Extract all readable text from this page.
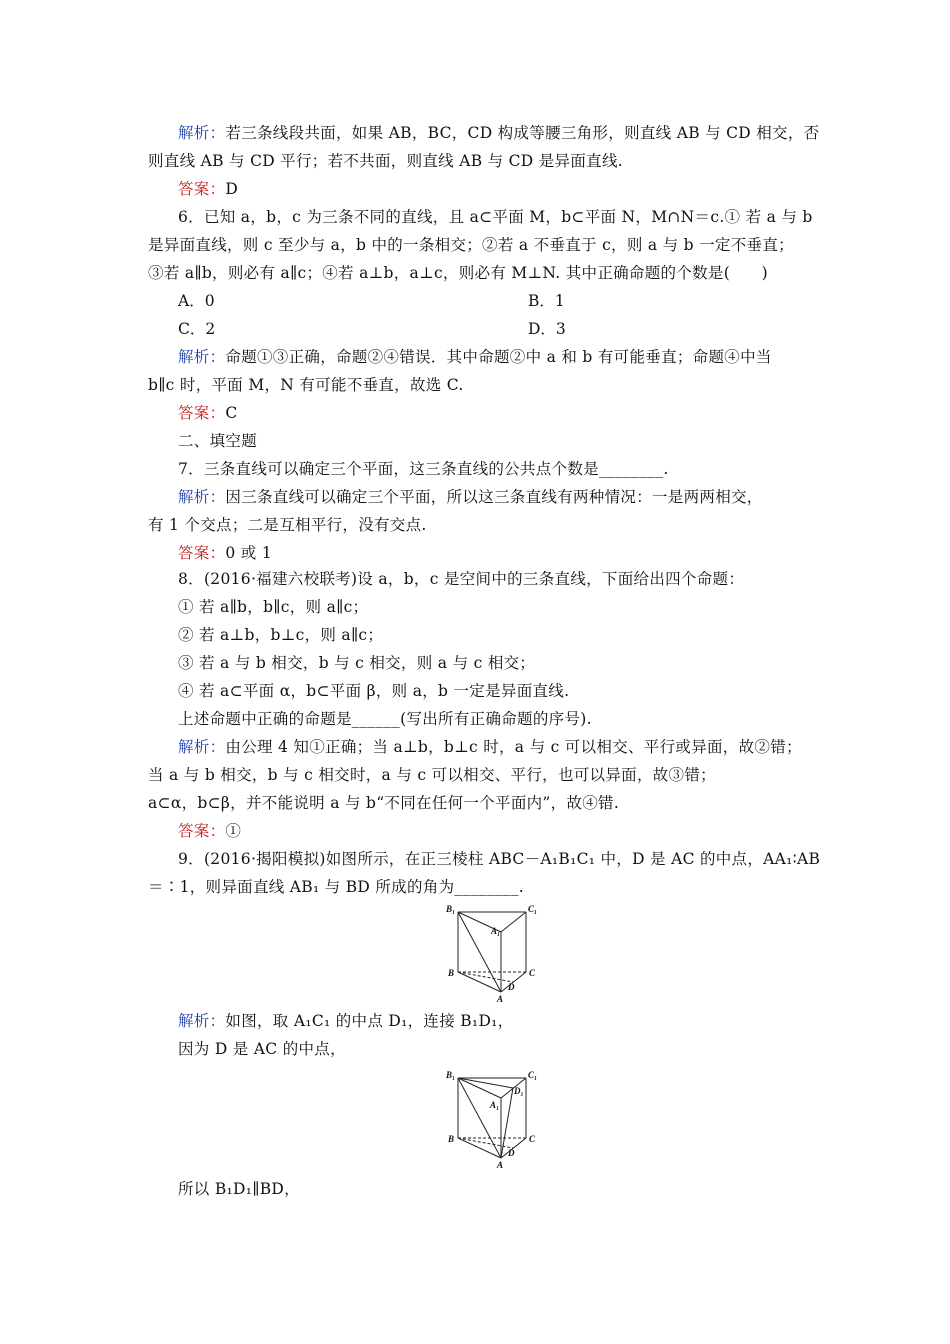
解析：若三条线段共面，如果 AB，BC，CD 构成等腰三角形，则直线 AB 与 CD 相交，否
则直线 AB 与 CD 平行；若不共面，则直线 AB 与 CD 是异面直线.
答案：D
6．已知 a，b，c 为三条不同的直线，且 a⊂平面 M，b⊂平面 N，M∩N＝c.① 若 a 与 b
是异面直线，则 c 至少与 a，b 中的一条相交；②若 a 不垂直于 c，则 a 与 b 一定不垂直；
③若 a∥b，则必有 a∥c；④若 a⊥b，a⊥c，则必有 M⊥N. 其中正确命题的个数是(　　)
A．0	B．1
C．2	D．3
解析：命题①③正确，命题②④错误．其中命题②中 a 和 b 有可能垂直；命题④中当
b∥c 时，平面 M，N 有可能不垂直，故选 C.
答案：C
二、填空题
7．三条直线可以确定三个平面，这三条直线的公共点个数是________.
解析：因三条直线可以确定三个平面，所以这三条直线有两种情况：一是两两相交，
有 1 个交点；二是互相平行，没有交点.
答案：0 或 1
8．(2016·福建六校联考)设 a，b，c 是空间中的三条直线，下面给出四个命题：
① 若 a∥b，b∥c，则 a∥c；
② 若 a⊥b，b⊥c，则 a∥c；
③ 若 a 与 b 相交，b 与 c 相交，则 a 与 c 相交；
④ 若 a⊂平面 α，b⊂平面 β，则 a，b 一定是异面直线.
上述命题中正确的命题是______(写出所有正确命题的序号).
解析：由公理 4 知①正确；当 a⊥b，b⊥c 时，a 与 c 可以相交、平行或异面，故②错；
当 a 与 b 相交，b 与 c 相交时，a 与 c 可以相交、平行，也可以异面，故③错；
a⊂α，b⊂β，并不能说明 a 与 b“不同在任何一个平面内”，故④错.
答案：①
9．(2016·揭阳模拟)如图所示，在正三棱柱 ABC－A₁B₁C₁ 中，D 是 AC 的中点，AA₁∶AB
＝∶1，则异面直线 AB₁ 与 BD 所成的角为________.
B₁	C₁
A₁
B	C
D
A
解析：如图，取 A₁C₁ 的中点 D₁，连接 B₁D₁，
因为 D 是 AC 的中点，
B₁	C₁
D₁
A₁
B	C
D
A
所以 B₁D₁∥BD，
